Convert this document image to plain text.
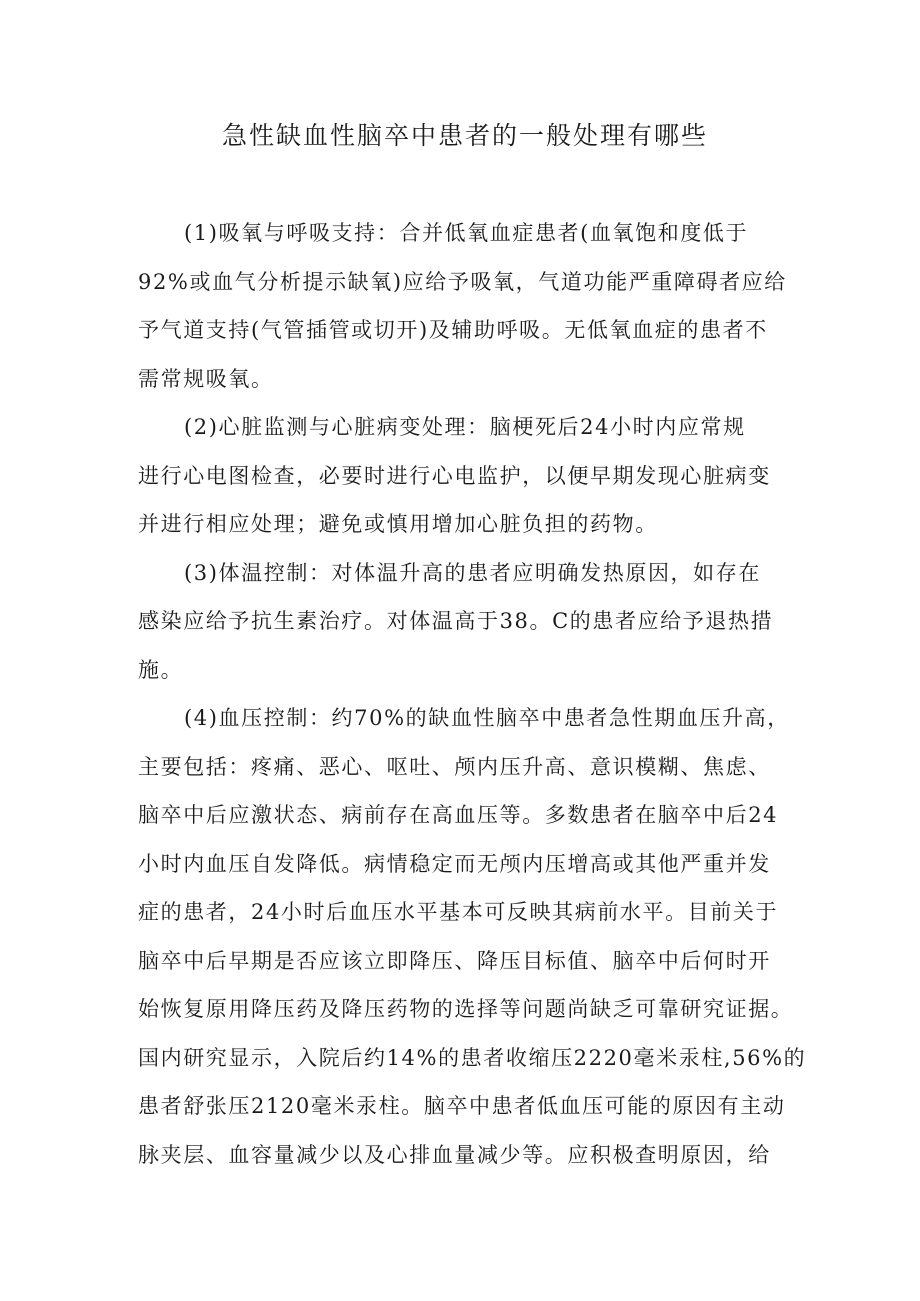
急性缺血性脑卒中患者的一般处理有哪些
(1)吸氧与呼吸支持：合并低氧血症患者(血氧饱和度低于
92%或血气分析提示缺氧)应给予吸氧，气道功能严重障碍者应给
予气道支持(气管插管或切开)及辅助呼吸。无低氧血症的患者不
需常规吸氧。
(2)心脏监测与心脏病变处理：脑梗死后24小时内应常规
进行心电图检查，必要时进行心电监护，以便早期发现心脏病变
并进行相应处理；避免或慎用增加心脏负担的药物。
(3)体温控制：对体温升高的患者应明确发热原因，如存在
感染应给予抗生素治疗。对体温高于38。C的患者应给予退热措
施。
(4)血压控制：约70%的缺血性脑卒中患者急性期血压升高，
主要包括：疼痛、恶心、呕吐、颅内压升高、意识模糊、焦虑、
脑卒中后应激状态、病前存在高血压等。多数患者在脑卒中后24
小时内血压自发降低。病情稳定而无颅内压增高或其他严重并发
症的患者，24小时后血压水平基本可反映其病前水平。目前关于
脑卒中后早期是否应该立即降压、降压目标值、脑卒中后何时开
始恢复原用降压药及降压药物的选择等问题尚缺乏可靠研究证据。
国内研究显示，入院后约14%的患者收缩压2220毫米汞柱,56%的
患者舒张压2120毫米汞柱。脑卒中患者低血压可能的原因有主动
脉夹层、血容量减少以及心排血量减少等。应积极查明原因，给
